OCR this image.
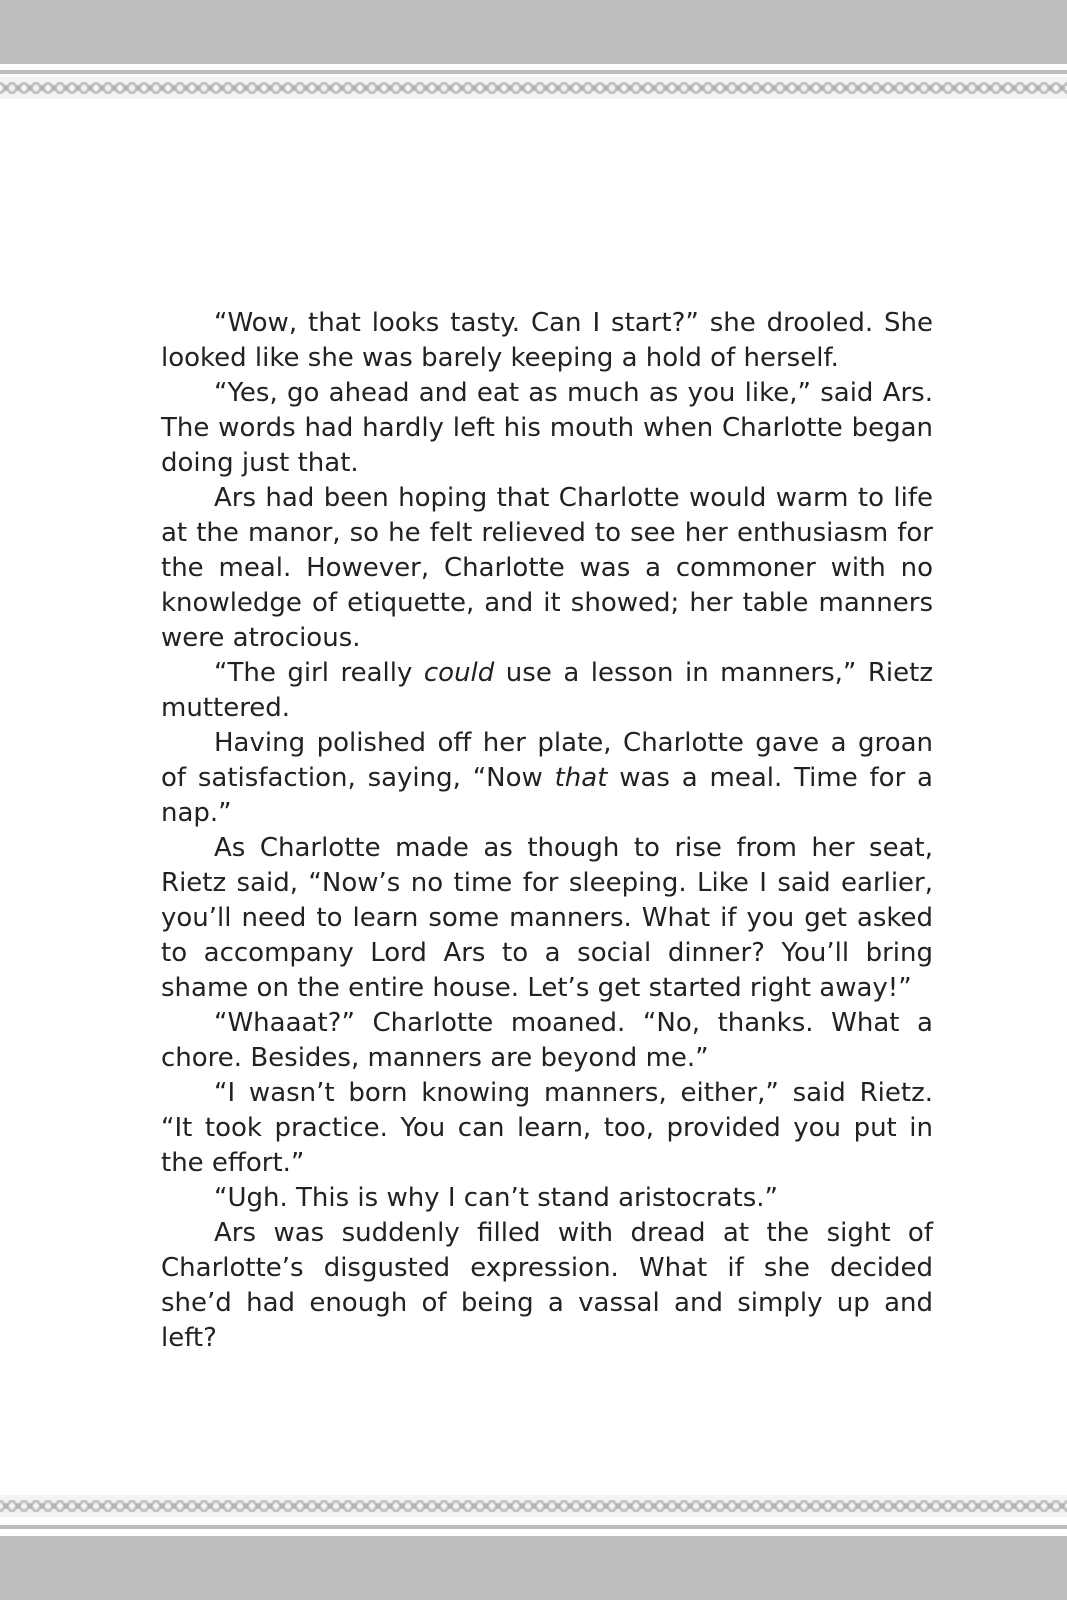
“Wow, that looks tasty. Can I start?” she drooled. She looked like she was barely keeping a hold of herself.

“Yes, go ahead and eat as much as you like,” said Ars. The words had hardly left his mouth when Charlotte began doing just that.

Ars had been hoping that Charlotte would warm to life at the manor, so he felt relieved to see her enthusiasm for the meal. However, Charlotte was a commoner with no knowledge of etiquette, and it showed; her table manners were atrocious.

“The girl really could use a lesson in manners,” Rietz muttered.

Having polished off her plate, Charlotte gave a groan of satisfaction, saying, “Now that was a meal. Time for a nap.”

As Charlotte made as though to rise from her seat, Rietz said, “Now’s no time for sleeping. Like I said earlier, you’ll need to learn some manners. What if you get asked to accompany Lord Ars to a social dinner? You’ll bring shame on the entire house. Let’s get started right away!”

“Whaaat?” Charlotte moaned. “No, thanks. What a chore. Besides, manners are beyond me.”

“I wasn’t born knowing manners, either,” said Rietz. “It took practice. You can learn, too, provided you put in the effort.”

“Ugh. This is why I can’t stand aristocrats.”

Ars was suddenly filled with dread at the sight of Charlotte’s disgusted expression. What if she decided she’d had enough of being a vassal and simply up and left?
